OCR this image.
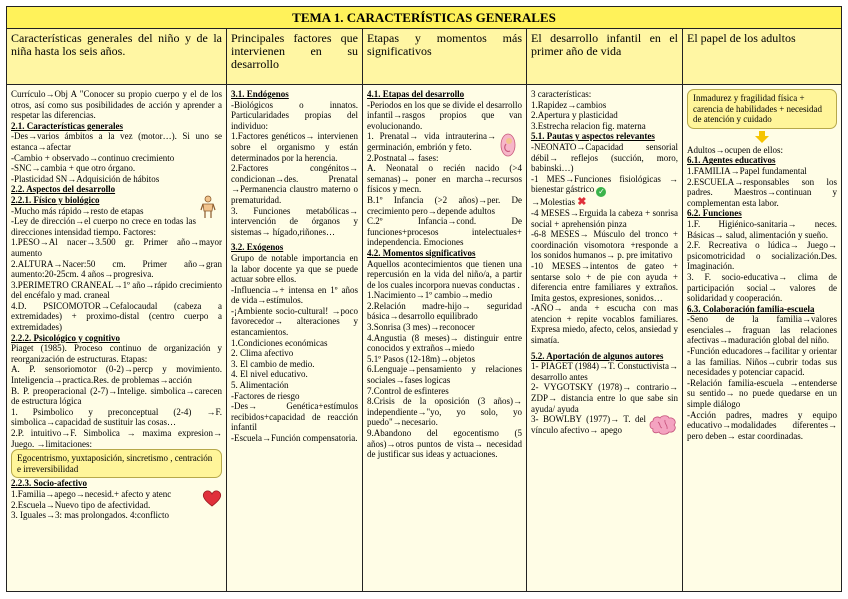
TEMA 1. CARACTERÍSTICAS GENERALES
Características generales del niño y de la niña hasta los seis años.
Principales factores que intervienen en su desarrollo
Etapas y momentos más significativos
El desarrollo infantil en el primer año de vida
El papel de los adultos

Currículo→Obj A "Conocer su propio cuerpo y el de los otros, así como sus posibilidades de acción y aprender a respetar las diferencias.

2.1. Características generales

-Des→varios ámbitos a la vez (motor…). Si uno se estanca→afectar

-Cambio + observado→continuo crecimiento

-SNC→cambia + que otro órgano.

-Plasticidad SN→Adquisición de hábitos

2.2. Aspectos del desarrollo

2.2.1. Físico y biológico

-Mucho más rápido→resto de etapas

-Ley de dirección→el cuerpo no crece en todas las direcciones intensidad tiempo. Factores:

1.PESO→Al nacer→3.500 gr. Primer año→mayor aumento

2.ALTURA→Nacer:50 cm. Primer año→gran aumento:20-25cm. 4 años→progresiva.

3.PERIMETRO CRANEAL→1º año→rápido crecimiento del encéfalo y mad. craneal

4.D. PSICOMOTOR→Cefalocaudal (cabeza a extremidades) + proximo-distal (centro cuerpo a extremidades)

2.2.2. Psicológico y cognitivo

Piaget (1985). Proceso continuo de organización y reorganización de estructuras. Etapas:

A. P. sensoriomotor (0-2)→percp y movimiento. Inteligencia→practica.Res. de problemas→acción

B. P. preoperacional (2-7)→Intelige. simbolica→carecen de estructura lógica

1. Psimbolico y preconceptual (2-4) →F. simbolica→capacidad de sustituir las cosas…

2.P. intuitivo→F. Simbolica → maxima expresion→ Juego. →limitaciones:

Egocentrismo, yuxtaposición, sincretismo , centración e irreversibilidad

2.2.3. Socio-afectivo

1.Familia→apego→necesid.+ afecto y atenc

2.Escuela→Nuevo tipo de afectividad.

3. Iguales→3: mas prolongados. 4:conflicto

3.1. Endógenos

-Biológicos o innatos. Particularidades propias del individuo:

1.Factores genéticos→ intervienen sobre el organismo y están determinados por la herencia.

2.Factores congénitos→ condicionan→des. Prenatal →Permanencia claustro materno o prematuridad.

3. Funciones metabólicas→ intervención de órganos y sistemas→ hígado,riñones…

3.2. Exógenos

Grupo de notable importancia en la labor docente ya que se puede actuar sobre ellos.

-Influencia→+ intensa en 1º años de vida→estímulos.

-¡Ambiente socio-cultural! →poco favorecedor→ alteraciones y estancamientos.

1.Condiciones económicas

2. Clima afectivo

3. El cambio de medio.

4. El nivel educativo.

5. Alimentación

-Factores de riesgo

-Des→ Genética+estímulos recibidos+capacidad de reacción infantil

-Escuela→Función compensatoria.

4.1. Etapas del desarrollo

-Periodos en los que se divide el desarrollo infantil→rasgos propios que van evolucionando.

1. Prenatal→ vida intrauterina→ germinación, embrión y feto.

2.Postnatal→ fases:

A. Neonatal o recién nacido (>4 semanas)→ poner en marcha→recursos físicos y mecn.

B.1º Infancia (>2 años)→per. De crecimiento pero→depende adultos

C.2º Infancia→cond. De funciones+procesos intelectuales+ independencia. Emociones

4.2. Momentos significativos

Aquellos acontecimientos que tienen una repercusión en la vida del niño/a, a partir de los cuales incorpora nuevas conductas .

1.Nacimiento→1º cambio→medio

2.Relación madre-hijo→ seguridad básica→desarrollo equilibrado

3.Sonrisa (3 mes)→reconocer

4.Angustia (8 meses)→ distinguir entre conocidos y extraños→miedo

5.1º Pasos (12-18m)→objetos

6.Lenguaje→pensamiento y relaciones sociales→fases logicas

7.Control de esfinteres

8.Crisis de la oposición (3 años)→ independiente→"yo, yo solo, yo puedo"→necesario.

9.Abandono del egocentismo (5 años)→otros puntos de vista→ necesidad de justificar sus ideas y actuaciones.

3 características:

1.Rapidez→cambios

2.Apertura y plasticidad

3.Estrecha relacion fig. materna

5.1. Pautas y aspectos relevantes

-NEONATO→Capacidad sensorial débil→ reflejos (succión, moro, babinski…)

-1 MES→Funciones fisiológicas → bienestar gástrico ✓

→Molestias ✖

-4 MESES→Erguida la cabeza + sonrisa social + aprehensión pinza

-6-8 MESES→ Músculo del tronco + coordinación visomotora +responde a los sonidos humanos→ p. pre imitativo

-10 MESES→intentos de gateo + sentarse solo + de pie con ayuda + diferencia entre familiares y extraños. Imita gestos, expresiones, sonidos…

-AÑO→ anda + escucha con mas atencion + repite vocablos familiares. Expresa miedo, afecto, celos, ansiedad y simatía.

5.2. Aportación de algunos autores

1- PIAGET (1984)→T. Constuctivista→ desarrollo antes

2- VYGOTSKY (1978)→ contrario→ ZDP→ distancia entre lo que sabe sin ayuda/ ayuda

3- BOWLBY (1977)→ T. del vínculo afectivo→ apego

Inmadurez y fragilidad física + carencia de habilidades + necesidad de atención y cuidado

Adultos→ocupen de ellos:

6.1. Agentes educativos

1.FAMILIA→Papel fundamental

2.ESCUELA→responsables son los padres. Maestros→continuan y complementan esta labor.

6.2. Funciones

1.F. Higiénico-sanitaria→ neces. Básicas→ salud, alimentación y sueño.

2.F. Recreativa o lúdica→ Juego→ psicomotricidad o socialización.Des. Imaginación.

3. F. socio-educativa→ clima de participación social→ valores de solidaridad y cooperación.

6.3. Colaboración familia-escuela

-Seno de la familia→valores esenciales→ fraguan las relaciones afectivas→maduración global del niño.

-Función educadores→facilitar y orientar a las familias. Niños→cubrir todas sus necesidades y potenciar capacid.

-Relación familia-escuela →entenderse su sentido→ no puede quedarse en un simple diálogo

-Acción padres, madres y equipo educativo→modalidades diferentes→ pero deben→ estar coordinadas.
